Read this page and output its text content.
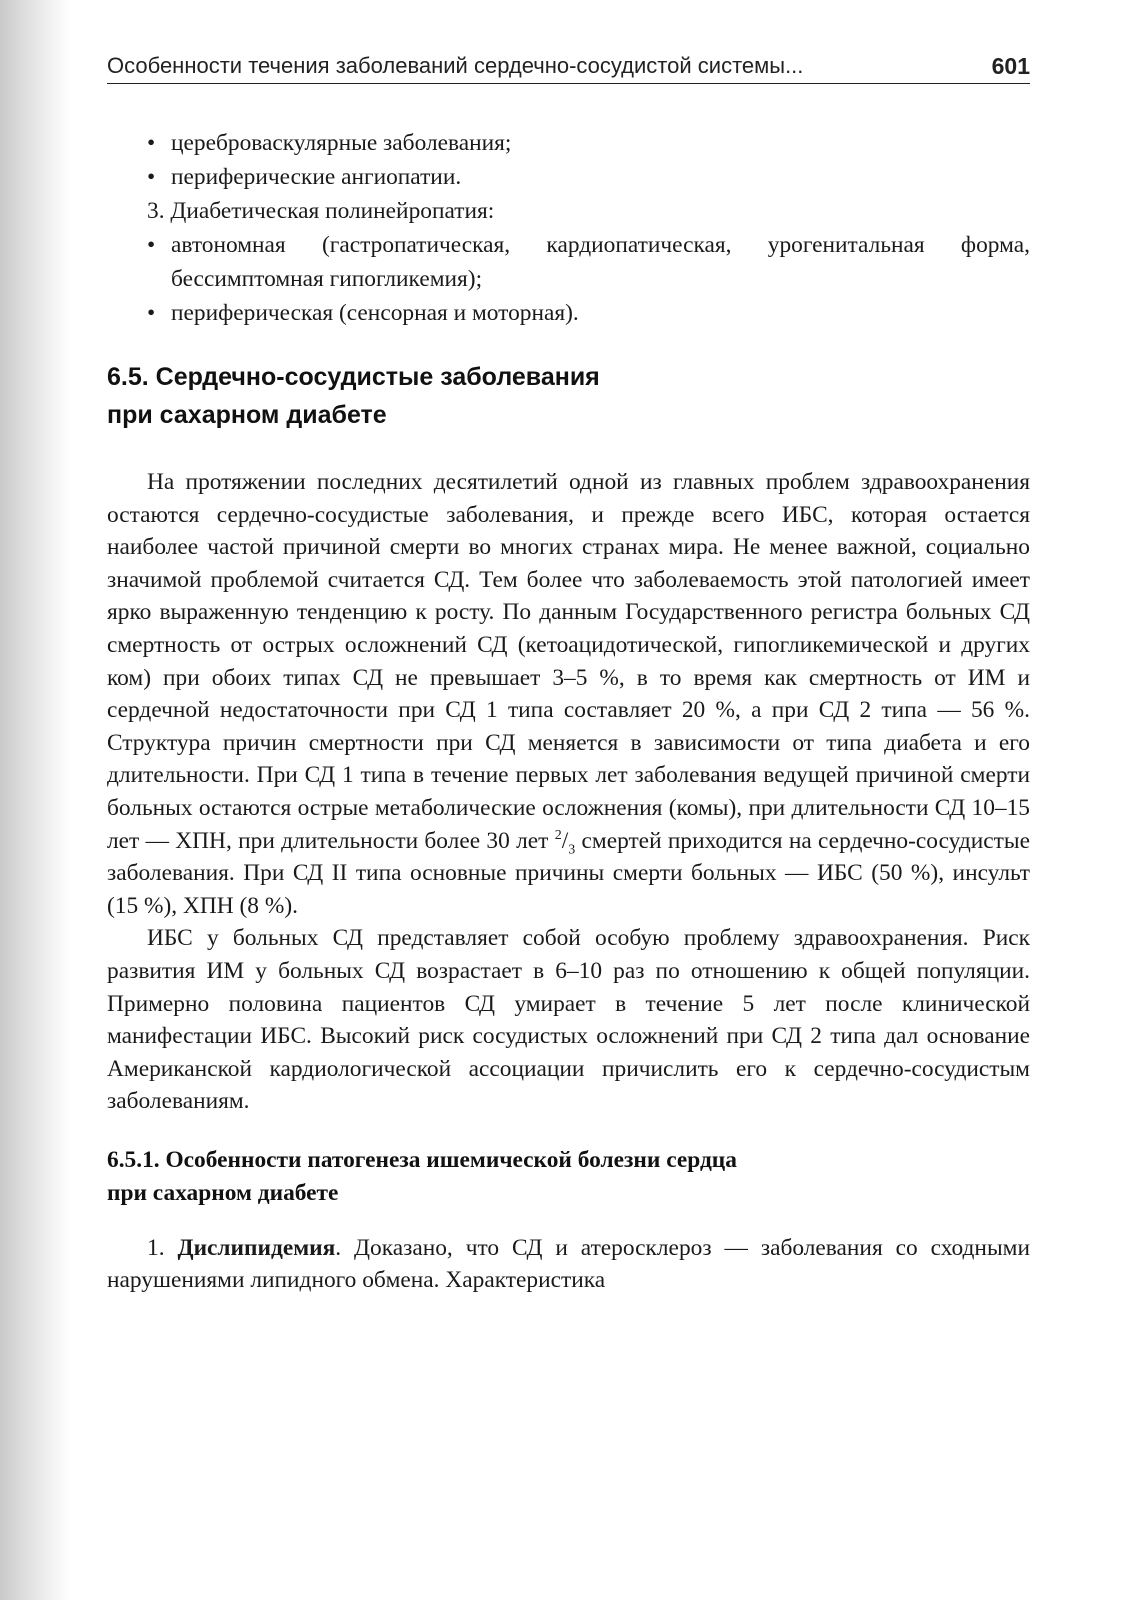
Особенности течения заболеваний сердечно-сосудистой системы...	601
• цереброваскулярные заболевания;
• периферические ангиопатии.
3. Диабетическая полинейропатия:
• автономная (гастропатическая, кардиопатическая, урогенитальная форма, бессимптомная гипогликемия);
• периферическая (сенсорная и моторная).
6.5. Сердечно-сосудистые заболевания
при сахарном диабете

На протяжении последних десятилетий одной из главных проблем здравоохранения остаются сердечно-сосудистые заболевания, и прежде всего ИБС, которая остается наиболее частой причиной смерти во многих странах мира. Не менее важной, социально значимой проблемой считается СД. Тем более что заболеваемость этой патологией имеет ярко выраженную тенденцию к росту. По данным Государственного регистра больных СД смертность от острых осложнений СД (кетоацидотической, гипогликемической и других ком) при обоих типах СД не превышает 3–5 %, в то время как смертность от ИМ и сердечной недостаточности при СД 1 типа составляет 20 %, а при СД 2 типа — 56 %. Структура причин смертности при СД меняется в зависимости от типа диабета и его длительности. При СД 1 типа в течение первых лет заболевания ведущей причиной смерти больных остаются острые метаболические осложнения (комы), при длительности СД 10–15 лет — ХПН, при длительности более 30 лет $^2/_3$ смертей приходится на сердечно-сосудистые заболевания. При СД II типа основные причины смерти больных — ИБС (50 %), инсульт (15 %), ХПН (8 %).

ИБС у больных СД представляет собой особую проблему здравоохранения. Риск развития ИМ у больных СД возрастает в 6–10 раз по отношению к общей популяции. Примерно половина пациентов СД умирает в течение 5 лет после клинической манифестации ИБС. Высокий риск сосудистых осложнений при СД 2 типа дал основание Американской кардиологической ассоциации причислить его к сердечно-сосудистым заболеваниям.

6.5.1. Особенности патогенеза ишемической болезни сердца
при сахарном диабете

1. Дислипидемия. Доказано, что СД и атеросклероз — заболевания со сходными нарушениями липидного обмена. Характеристика
